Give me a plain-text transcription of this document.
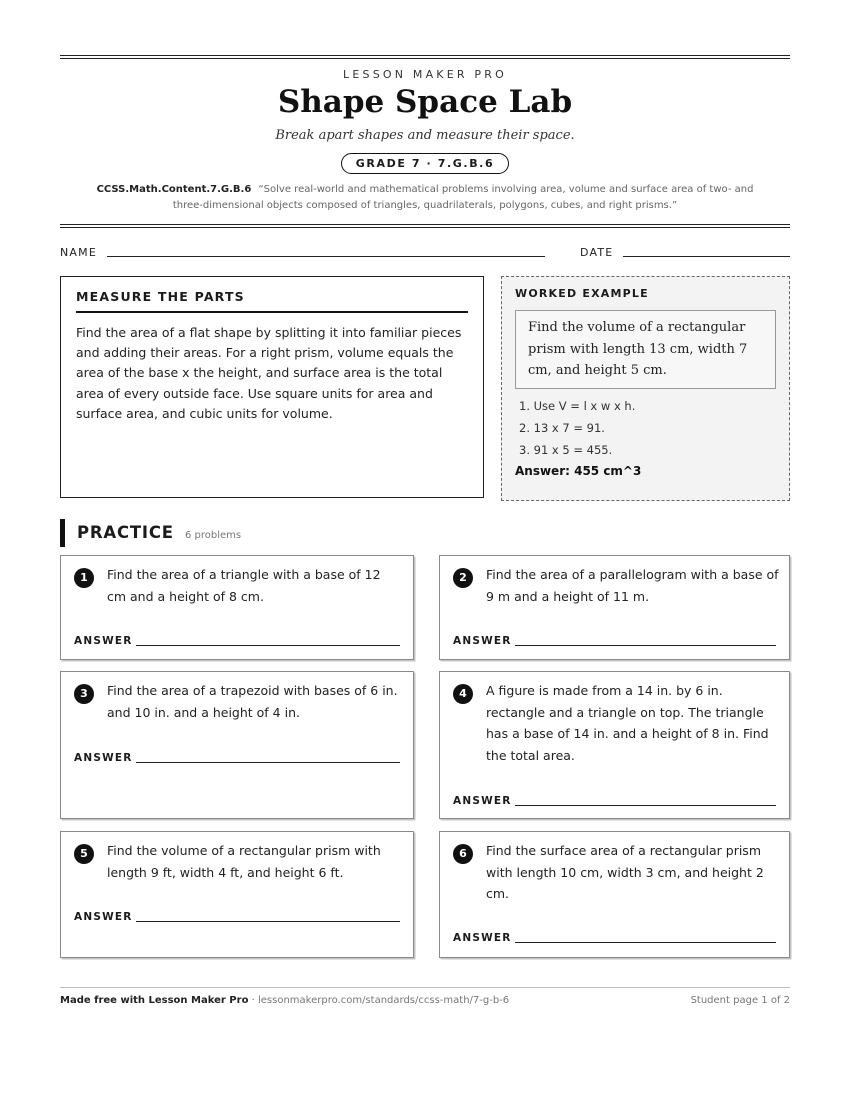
LESSON MAKER PRO
Shape Space Lab
Break apart shapes and measure their space.
GRADE 7 · 7.G.B.6
CCSS.Math.Content.7.G.B.6 “Solve real-world and mathematical problems involving area, volume and surface area of two- and three-dimensional objects composed of triangles, quadrilaterals, polygons, cubes, and right prisms.”
NAME	DATE
MEASURE THE PARTS

Find the area of a flat shape by splitting it into familiar pieces and adding their areas. For a right prism, volume equals the area of the base x the height, and surface area is the total area of every outside face. Use square units for area and surface area, and cubic units for volume.

WORKED EXAMPLE
Find the volume of a rectangular prism with length 13 cm, width 7 cm, and height 5 cm.
1. Use V = l x w x h.
2. 13 x 7 = 91.
3. 91 x 5 = 455.
Answer: 455 cm^3
PRACTICE 6 problems
1	Find the area of a triangle with a base of 12 cm and a height of 8 cm.
ANSWER
2	Find the area of a parallelogram with a base of 9 m and a height of 11 m.
ANSWER
3	Find the area of a trapezoid with bases of 6 in. and 10 in. and a height of 4 in.
ANSWER
4	A figure is made from a 14 in. by 6 in. rectangle and a triangle on top. The triangle has a base of 14 in. and a height of 8 in. Find the total area.
ANSWER
5	Find the volume of a rectangular prism with length 9 ft, width 4 ft, and height 6 ft.
ANSWER
6	Find the surface area of a rectangular prism with length 10 cm, width 3 cm, and height 2 cm.
ANSWER
Made free with Lesson Maker Pro · lessonmakerpro.com/standards/ccss-math/7-g-b-6	Student page 1 of 2
